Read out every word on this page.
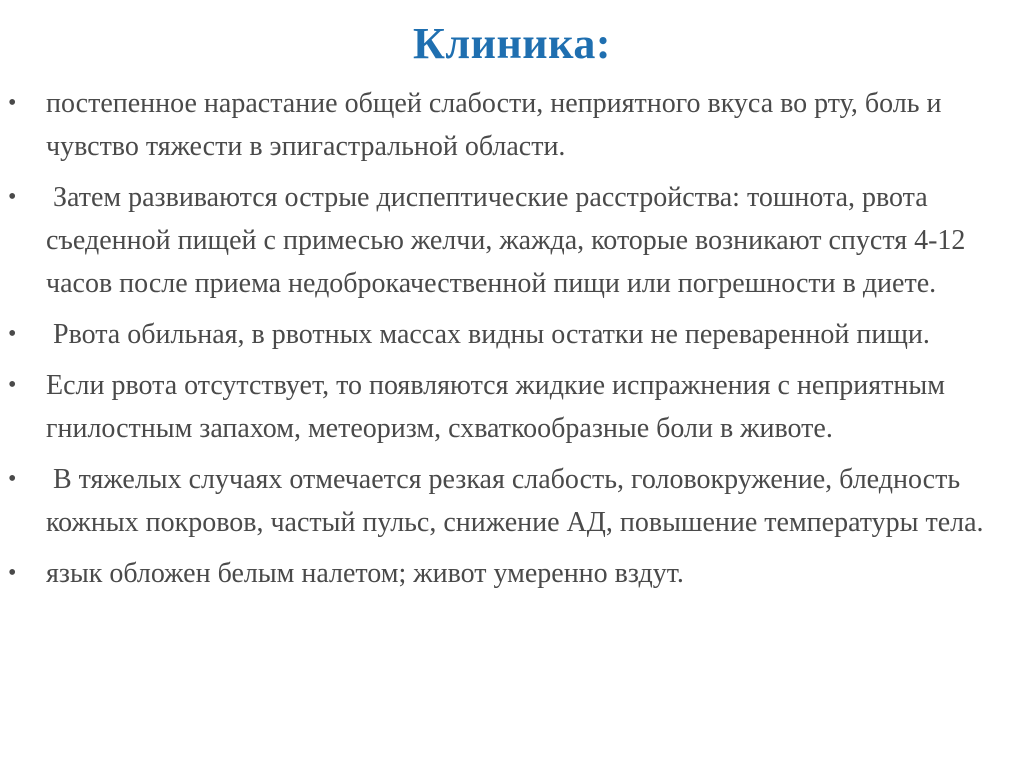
Клиника:
•	постепенное нарастание общей слабости, неприятного вкуса во рту, боль и чувство тяжести в эпигастральной области.
•	Затем развиваются острые диспептические расстройства: тошнота, рвота съеденной пищей с примесью желчи, жажда, которые возникают спустя 4-12 часов после приема недоброкачественной пищи или погрешности в диете.
•	Рвота обильная, в рвотных массах видны остатки не переваренной пищи.
•	Если рвота отсутствует, то появляются жидкие испражнения с неприятным гнилостным запахом, метеоризм, схваткообразные боли в животе.
•	В тяжелых случаях отмечается резкая слабость, головокружение, бледность кожных покровов, частый пульс, снижение АД, повышение температуры тела.
•	язык обложен белым налетом; живот умеренно вздут.
